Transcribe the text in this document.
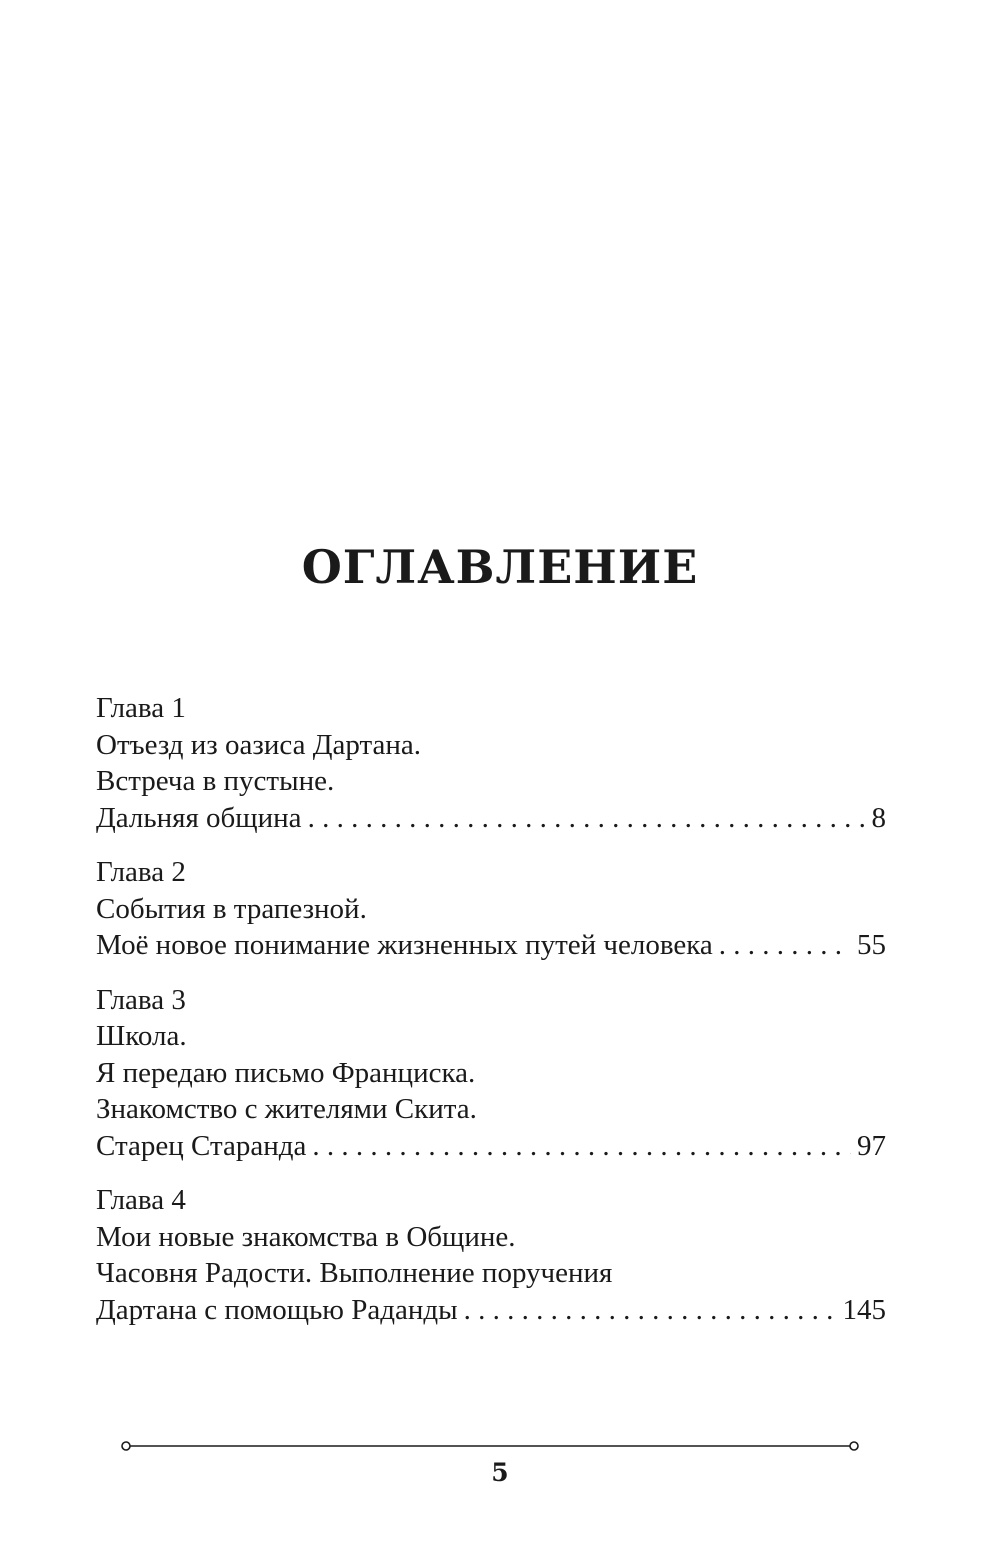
ОГЛАВЛЕНИЕ
Глава 1
Отъезд из оазиса Дартана.
Встреча в пустыне.
Дальняя община . . .	8
Глава 2
События в трапезной.
Моё новое понимание жизненных путей человека . . .	55
Глава 3
Школа.
Я передаю письмо Франциска.
Знакомство с жителями Скита.
Старец Старанда . . .	97
Глава 4
Мои новые знакомства в Общине.
Часовня Радости. Выполнение поручения
Дартана с помощью Раданды . . .	145
5
